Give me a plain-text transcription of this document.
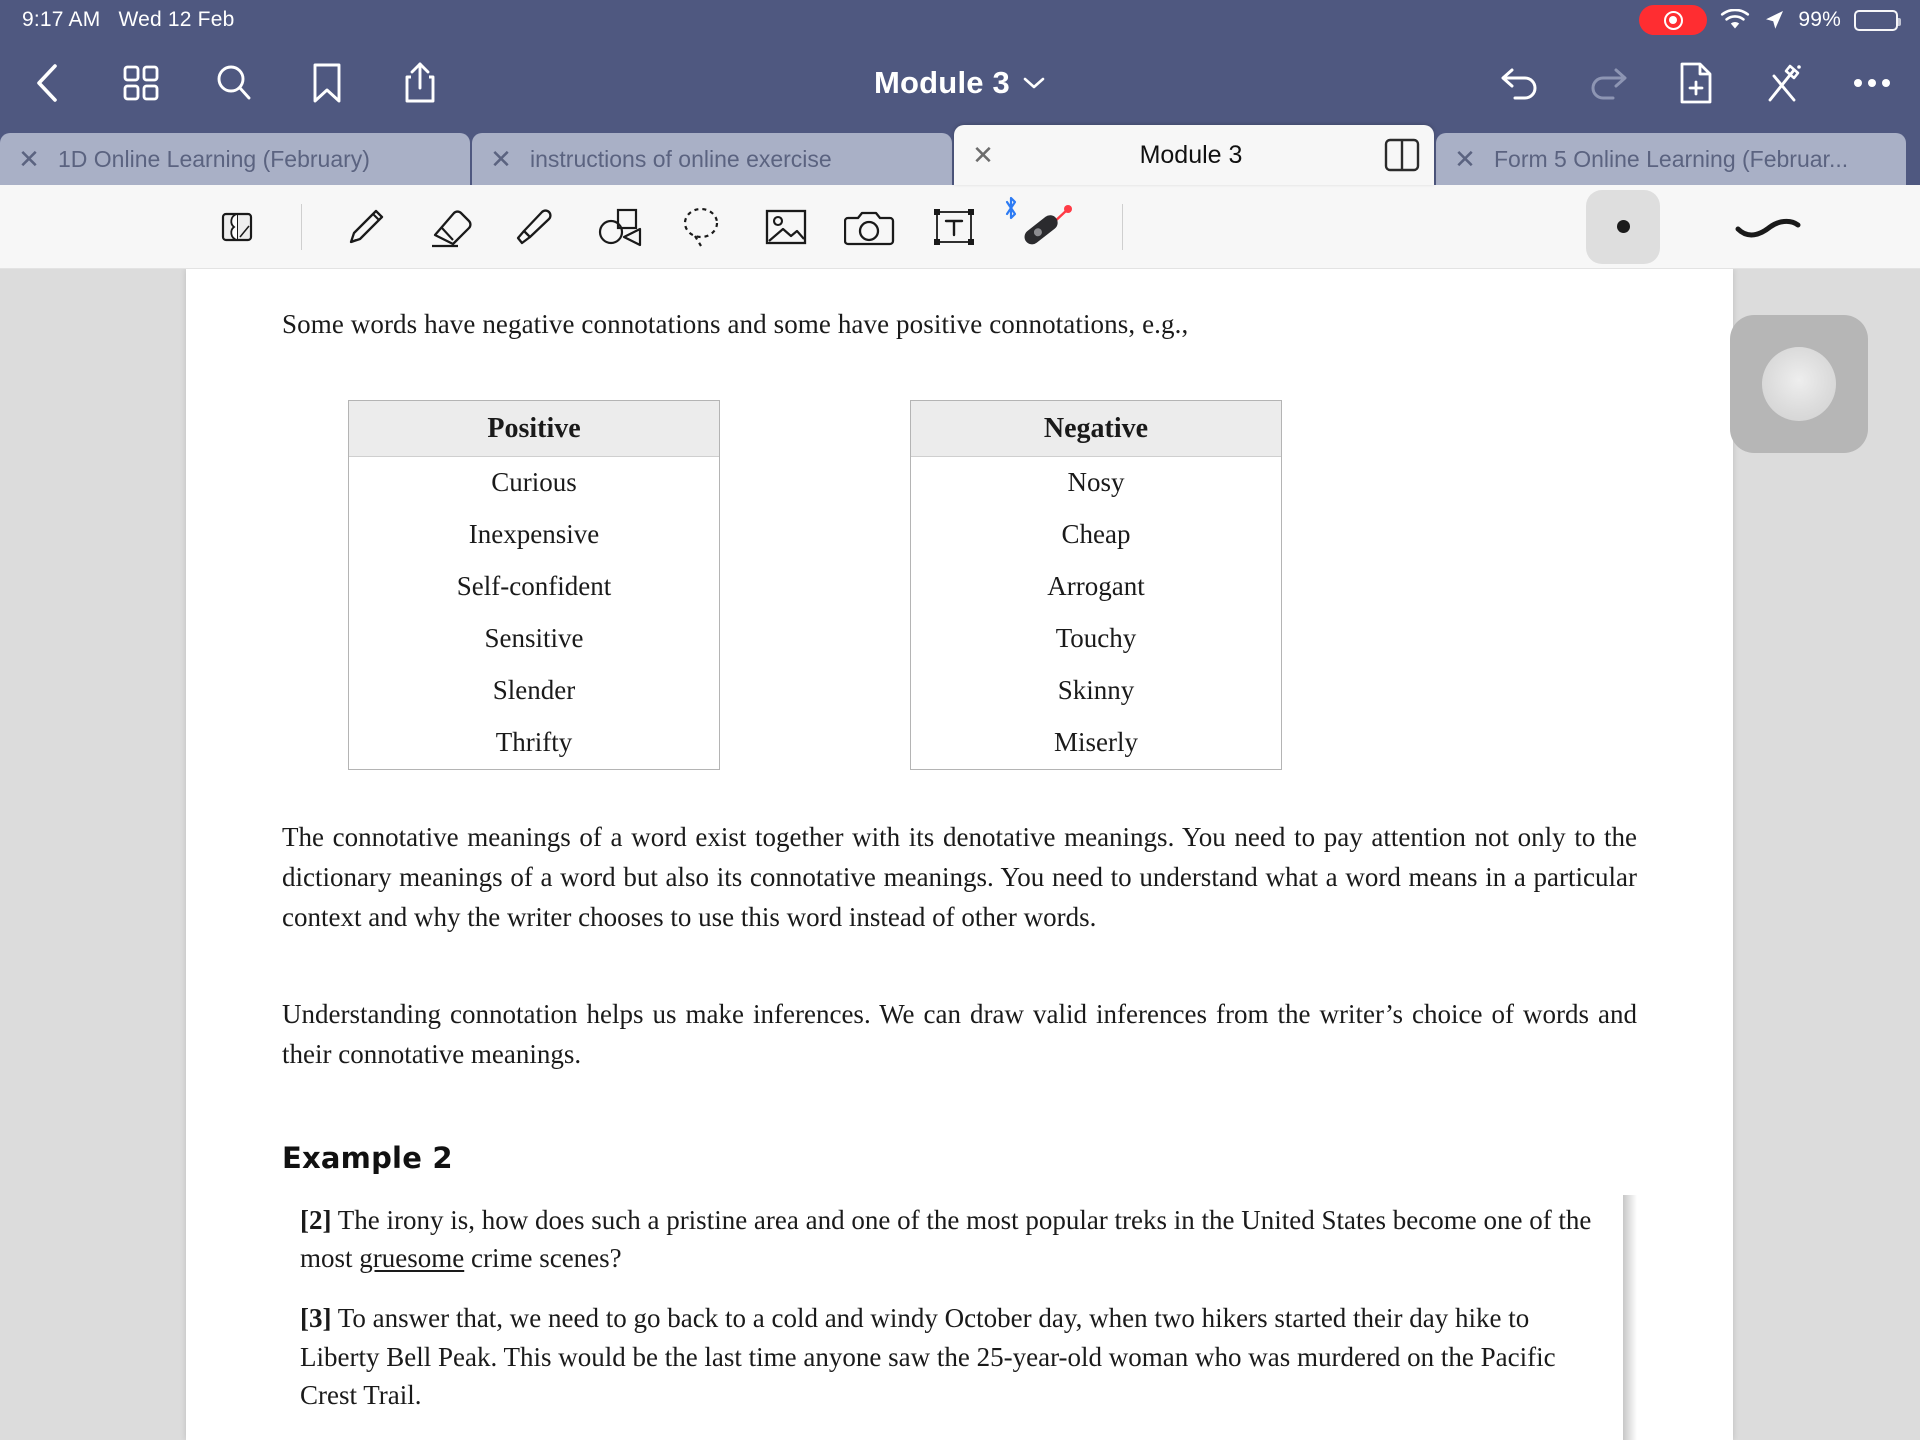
9:17 AM Wed 12 Feb	99%
Module 3
✕ 1D Online Learning (February)	✕ instructions of online exercise	✕	Module 3	✕ Form 5 Online Learning (Februar...

Some words have negative connotations and some have positive connotations, e.g.,

Positive
Curious
Inexpensive
Self-confident
Sensitive
Slender
Thrifty
Negative
Nosy
Cheap
Arrogant
Touchy
Skinny
Miserly

The connotative meanings of a word exist together with its denotative meanings. You need to pay attention not only to the dictionary meanings of a word but also its connotative meanings. You need to understand what a word means in a particular context and why the writer chooses to use this word instead of other words.

Understanding connotation helps us make inferences. We can draw valid inferences from the writer’s choice of words and their connotative meanings.

Example 2

[2] The irony is, how does such a pristine area and one of the most popular treks in the United States become one of the most gruesome crime scenes?

[3] To answer that, we need to go back to a cold and windy October day, when two hikers started their day hike to Liberty Bell Peak. This would be the last time anyone saw the 25-year-old woman who was murdered on the Pacific Crest Trail.
